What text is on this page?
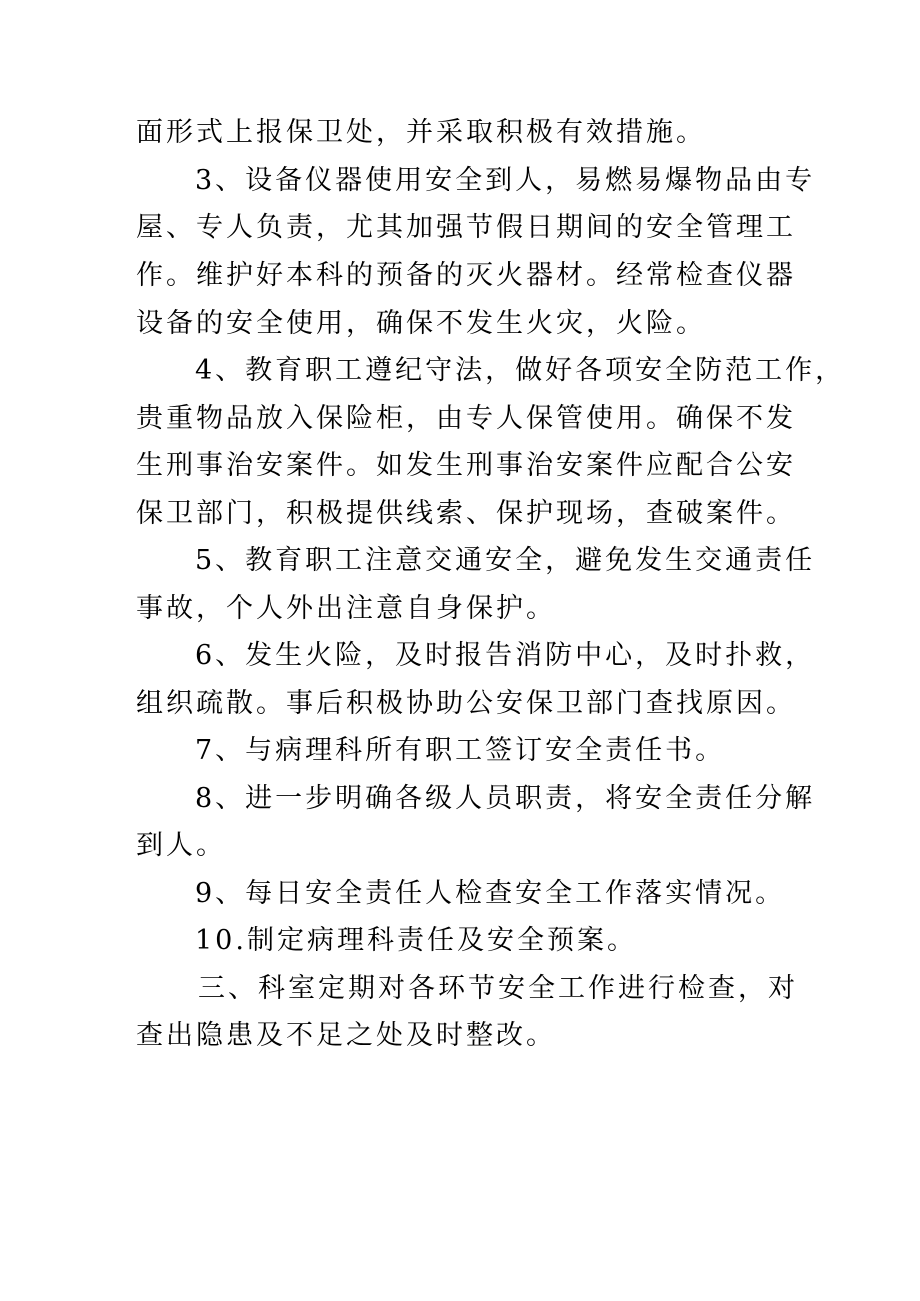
面形式上报保卫处，并采取积极有效措施。
3、设备仪器使用安全到人，易燃易爆物品由专
屋、专人负责，尤其加强节假日期间的安全管理工
作。维护好本科的预备的灭火器材。经常检查仪器
设备的安全使用，确保不发生火灾，火险。
4、教育职工遵纪守法，做好各项安全防范工作，
贵重物品放入保险柜，由专人保管使用。确保不发
生刑事治安案件。如发生刑事治安案件应配合公安
保卫部门，积极提供线索、保护现场，查破案件。
5、教育职工注意交通安全，避免发生交通责任
事故，个人外出注意自身保护。
6、发生火险，及时报告消防中心，及时扑救，
组织疏散。事后积极协助公安保卫部门查找原因。
7、与病理科所有职工签订安全责任书。
8、进一步明确各级人员职责，将安全责任分解
到人。
9、每日安全责任人检查安全工作落实情况。
10.制定病理科责任及安全预案。
三、科室定期对各环节安全工作进行检查，对
查出隐患及不足之处及时整改。
